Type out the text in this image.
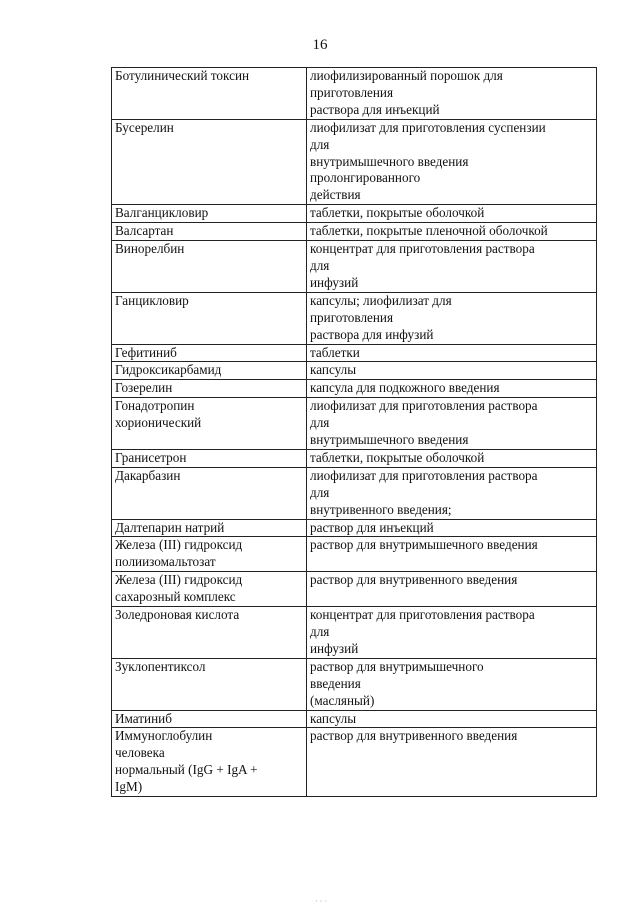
16
Ботулинический токсин	лиофилизированный порошок для
приготовления
раствора для инъекций

Бусерелин	лиофилизат для приготовления суспензии
для
внутримышечного введения
пролонгированного
действия

Валганцикловир	таблетки, покрытые оболочкой

Валсартан	таблетки, покрытые пленочной оболочкой

Винорелбин	концентрат для приготовления раствора
для
инфузий

Ганцикловир	капсулы; лиофилизат для
приготовления
раствора для инфузий

Гефитиниб	таблетки

Гидроксикарбамид	капсулы

Гозерелин	капсула для подкожного введения

Гонадотропин
хорионический	лиофилизат для приготовления раствора
для
внутримышечного введения

Гранисетрон	таблетки, покрытые оболочкой

Дакарбазин	лиофилизат для приготовления раствора
для
внутривенного введения;

Далтепарин натрий	раствор для инъекций

Железа (III) гидроксид
полиизомальтозат	раствор для внутримышечного введения

Железа (III) гидроксид
сахарозный комплекс	раствор для внутривенного введения

Золедроновая кислота	концентрат для приготовления раствора
для
инфузий

Зуклопентиксол	раствор для внутримышечного
введения
(масляный)

Иматиниб	капсулы

Иммуноглобулин
человека
нормальный (IgG + IgA +
IgM)	раствор для внутривенного введения
· · ·
